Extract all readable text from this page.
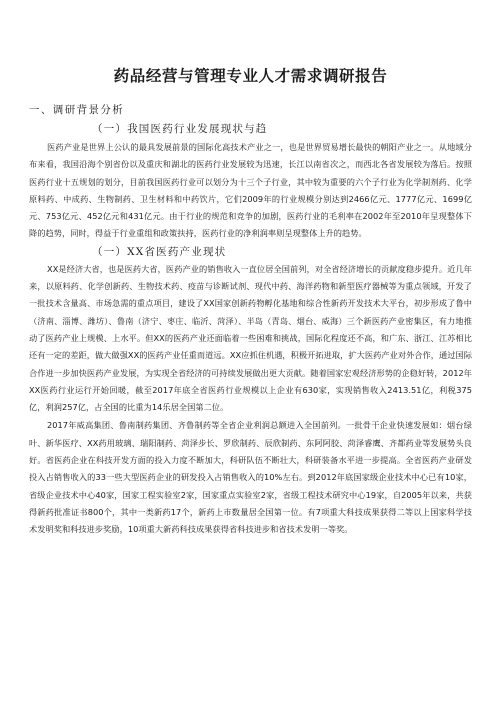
药品经营与管理专业人才需求调研报告
一、调研背景分析
（一）我国医药行业发展现状与趋

医药产业是世界上公认的最具发展前景的国际化高技术产业之一，也是世界贸易增长最快的朝阳产业之一。从地域分布来看，我国沿海个别省份以及重庆和湖北的医药行业发展较为迅速，长江以南省次之，而西北各省发展较为落后。按照医药行业十五规划的划分，目前我国医药行业可以划分为十三个子行业，其中较为重要的六个子行业为化学制剂药、化学原料药、中成药、生物制药、卫生材料和中药饮片，它们2009年的行业规模分别达到2466亿元、1777亿元、1699亿元、753亿元、452亿元和431亿元。由于行业的规范和竞争的加剧，医药行业的毛利率在2002年至2010年呈现整体下降的趋势，同时，得益于行业重组和政策扶持，医药行业的净利润率则呈现整体上升的趋势。

（一）XX省医药产业现状

XX是经济大省，也是医药大省，医药产业的销售收入一直位居全国前列，对全省经济增长的贡献度稳步提升。近几年来，以原料药、化学创新药、生物技术药、疫苗与诊断试剂、现代中药、海洋药物和新型医疗器械等为重点领域，开发了一批技术含量高、市场急需的重点项目，建设了XX国家创新药物孵化基地和综合性新药开发技术大平台，初步形成了鲁中（济南、淄博、潍坊）、鲁南（济宁、枣庄、临沂、菏泽）、半岛（青岛、烟台、威海）三个新医药产业密集区，有力地推动了医药产业上规模、上水平。但XX的医药产业还面临着一些困难和挑战，国际化程度还不高，和广东、浙江、江苏相比还有一定的差距，做大做强XX的医药产业任重而道远。XX应抓住机遇，积极开拓进取，扩大医药产业对外合作，通过国际合作进一步加快医药产业发展，为实现全省经济的可持续发展做出更大贡献。随着国家宏观经济形势的企稳好转，2012年XX医药行业运行开始回暖，截至2017年底全省医药行业规模以上企业有630家，实现销售收入2413.51亿，利税375亿，利润257亿，占全国的比重为14乐居全国第二位。

2017年威高集团、鲁南制药集团、齐鲁制药等全省企业利润总额进入全国前列。一批骨干企业快速发展如：烟台绿叶、新华医疗、XX药用玻璃、瑞阳制药、菏泽步长、罗欣制药、辰欣制药、东阿阿胶、菏泽睿鹰、齐都药业等发展势头良好。省医药企业在科技开发方面的投入力度不断加大，科研队伍不断壮大，科研装备水平进一步提高。全省医药产业研发投入占销售收入的33一些大型医药企业的研发投入占销售收入的10%左右。到2012年底国家级企业技术中心已有10家，省级企业技术中心40家，国家工程实验室2家，国家重点实验室2家，省级工程技术研究中心19家，自2005年以来，共获得新药批准证书800个，其中一类新药17个，新药上市数量居全国第一位。有7项重大科技成果获得二等以上国家科学技术发明奖和科技进步奖励，10项重大新药科技成果获得省科技进步和省技术发明一等奖。
